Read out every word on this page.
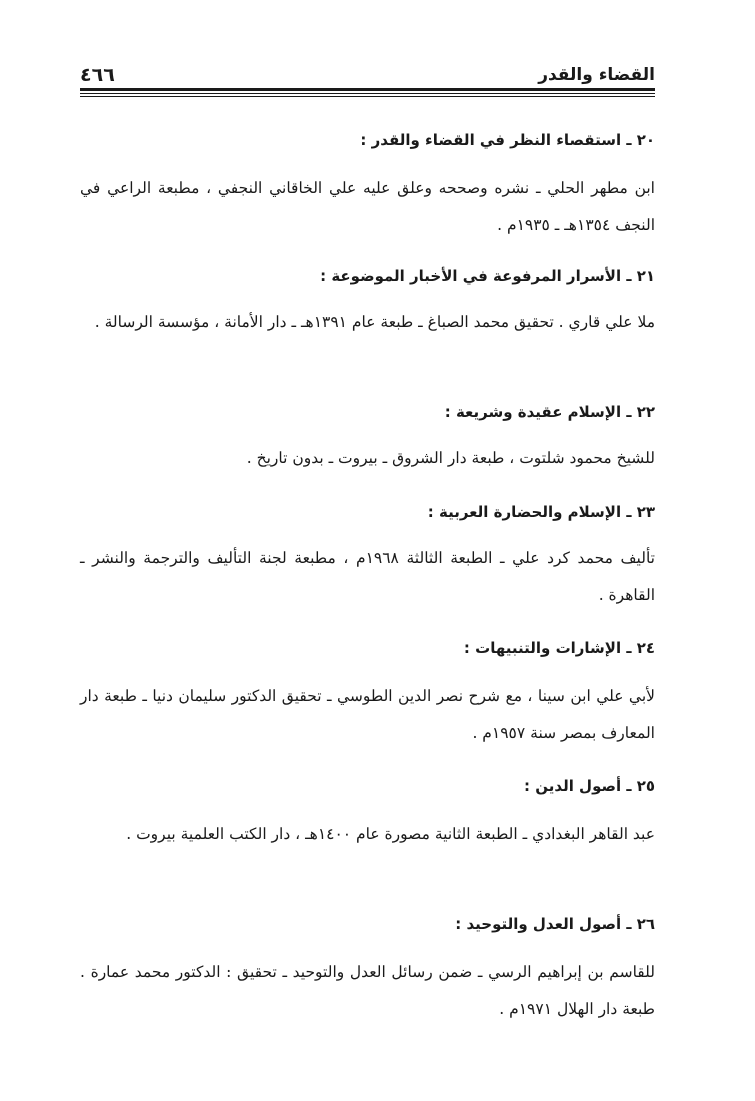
القضاء والقدر
٤٦٦
٢٠ ـ استقصاء النظر في القضاء والقدر :
ابن مطهر الحلي ـ نشره وصححه وعلق عليه علي الخاقاني النجفي ، مطبعة الراعي في النجف ١٣٥٤هـ ـ ١٩٣٥م .
٢١ ـ الأسرار المرفوعة في الأخبار الموضوعة :
ملا علي قاري . تحقيق محمد الصباغ ـ طبعة عام ١٣٩١هـ ـ دار الأمانة ، مؤسسة الرسالة .
٢٢ ـ الإسلام عقيدة وشريعة :
للشيخ محمود شلتوت ، طبعة دار الشروق ـ بيروت ـ بدون تاريخ .
٢٣ ـ الإسلام والحضارة العربية :
تأليف محمد كرد علي ـ الطبعة الثالثة ١٩٦٨م ، مطبعة لجنة التأليف والترجمة والنشر ـ القاهرة .
٢٤ ـ الإشارات والتنبيهات :
لأبي علي ابن سينا ، مع شرح نصر الدين الطوسي ـ تحقيق الدكتور سليمان دنيا ـ طبعة دار المعارف بمصر سنة ١٩٥٧م .
٢٥ ـ أصول الدين :
عبد القاهر البغدادي ـ الطبعة الثانية مصورة عام ١٤٠٠هـ ، دار الكتب العلمية بيروت .
٢٦ ـ أصول العدل والتوحيد :
للقاسم بن إبراهيم الرسي ـ ضمن رسائل العدل والتوحيد ـ تحقيق : الدكتور محمد عمارة . طبعة دار الهلال ١٩٧١م .
